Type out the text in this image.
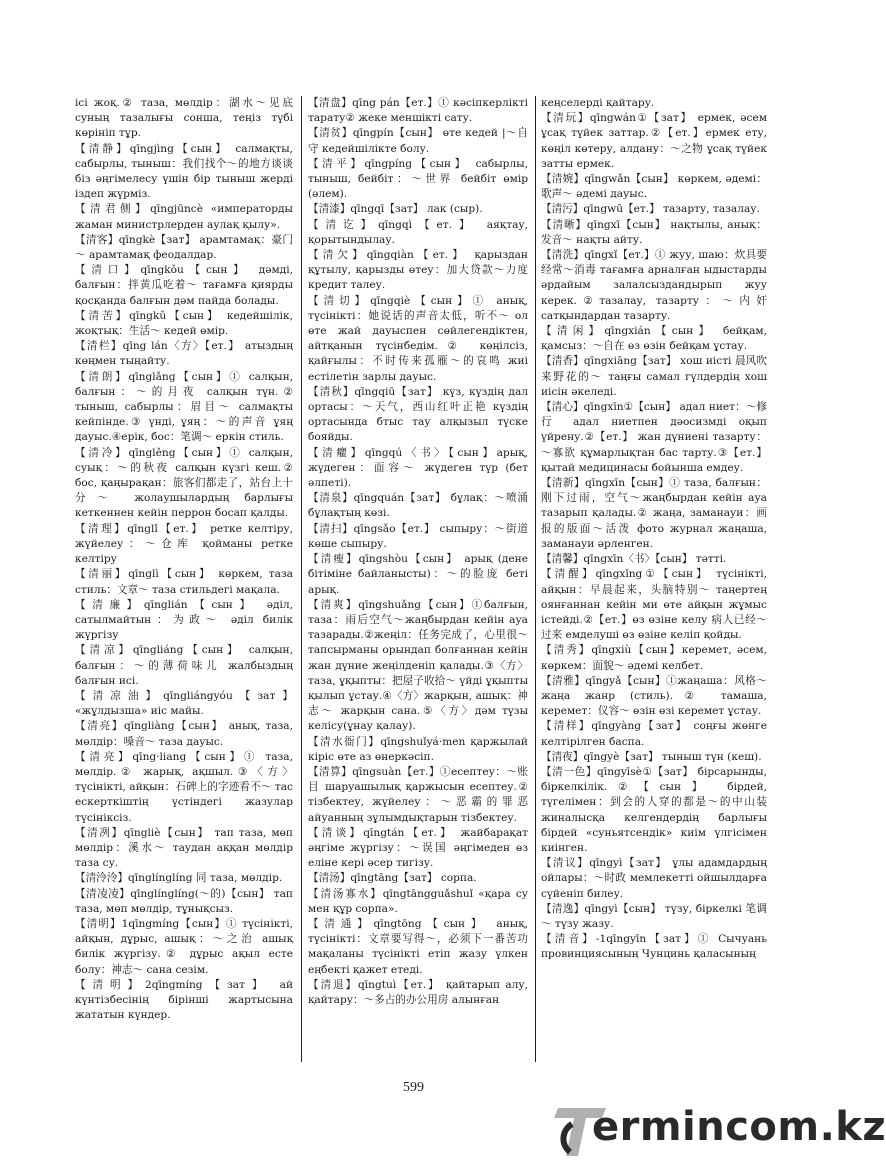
ісі жоқ.② таза, мөлдір：湖水～见底 суның тазалығы сонша, теңіз түбі көрініп тұр.

【清静】qīngjìng【сын】 салмақты, сабырлы, тыныш：我们找个～的地方谈谈 біз әңгімелесу үшін бір тыныш жерді іздеп жүрміз.

【清君侧】qīngjūncè «императорды жаман министрлерден аулақ қылу».

【清客】qīngkè【зат】 арамтамақ：豪门～ арамтамақ феодалдар.

【清口】qīngkǒu【сын】 дәмді, балғын：拌黄瓜吃着～ тағамға қиярды қосқанда балғын дәм пайда болады.

【清苦】qīngkǔ【сын】 кедейшілік, жоқтық：生活～ кедей өмір.

【清栏】qīng lán〈方〉【ет.】 атыздың көңмен тыңайту.

【清朗】qīnglǎng【сын】① салқын, балғын：～的月夜 салқын түн.② тыныш, сабырлы：眉目～ салмақты кейпінде.③ үнді, ұяң：～的声音 ұяң дауыс.④ерік, бос：笔调～ еркін стиль.

【清冷】qīnglěng【сын】① салқын, суық：～的秋夜 салқын күзгі кеш.② бос, қаңырақан：旅客们都走了，站台上十分～ жолаушылардың барлығы кеткеннен кейін перрон босап қалды.

【清理】qīnglǐ【ет.】 ретке келтіру, жүйелеу：～仓库 қойманы ретке келтіру

【清丽】qīnglì【сын】 көркем, таза стиль：文章～ таза стильдегі мақала.

【清廉】qīnglián【сын】 әділ, сатылмайтын：为政～ әділ билік жүргізу

【清凉】qīngliáng【сын】 салқын, балғын：～的薄荷味儿 жалбыздың балғын исі.

【清凉油】qīngliángyóu【зат】 «жұлдызша» иіс майы.

【清亮】qīngliàng【сын】 анық, таза, мөлдір：嗓音～ таза дауыс.

【清亮】qīng·liang【сын】① таза, мөлдір.② жарық, ақшыл.③〈方〉түсінікті, айқын：石碑上的字迹看不～ тас ескерткіштің үстіндегі жазулар түсініксіз.

【清冽】qīngliè【сын】 тап таза, мөп мөлдір：溪水～ таудан аққан мөлдір таза су.

【清泠泠】qīnglínglíng 同 таза, мөлдір.

【清凌凌】qīnglínglíng(～的)【сын】 тап таза, мөп мөлдір, тұнықсыз.

【清明】1qīngmíng【сын】① түсінікті, айқын, дұрыс, ашық：～之治 ашық билік жүргізу.② дұрыс ақыл есте болу：神志～ сана сезім.

【清明】2qīngmíng【зат】 ай күнтізбесінің бірінші жартысына жататын күндер.

【清盘】qīng pán【ет.】① кәсіпкерлікті тарату② жеке меншікті сату.

【清贫】qīngpín【сын】 өте кедей |～自守 кедейшілікте болу.

【清平】qīngpíng【сын】 сабырлы, тыныш, бейбіт：～世界 бейбіт өмір (әлем).

【清漆】qīngqī【зат】 лак (сыр).

【清讫】qīngqì【ет.】 аяқтау, қорытындылау.

【清欠】qīngqiàn【ет.】 қарыздан құтылу, қарызды өтеу：加大贷款～力度 кредит талеу.

【清切】qīngqiè【сын】① анық, түсінікті：她说话的声音太低，听不～ ол өте жай дауыспен сөйлегендіктен, айтқанын түсінбедім.② көңілсіз, қайғылы：不时传来孤雁～的哀鸣 жиі естілетін зарлы дауыс.

【清秋】qīngqiū【зат】 күз, күздің дал ортасы：～天气，西山红叶正艳 күздің ортасында бтыс тау алқызыл түске бояйды.

【清癯】qīngqú〈书〉【сын】арық, жүдеген：面容～ жүдеген түр (бет әлпеті).

【清泉】qīngquán【зат】 бұлақ：～喷涌 бұлақтың көзі.

【清扫】qīngsǎo【ет.】 сыпыру：～街道 көше сыпыру.

【清瘦】qīngshòu【сын】 арық (дене бітіміне байланысты)：～的脸庞 беті арық.

【清爽】qīngshuǎng【сын】①балғын, таза：雨后空气～жаңбырдан кейін ауа тазарады.②жеңіл：任务完成了，心里很～ тапсырманы орындап болғаннан кейін жан дүние жеңілденіп қалады.③〈方〉таза, ұқыпты：把屋子收拾～ үйді ұқыпты қылып ұстау.④〈方〉жарқын, ашық：神志～ жарқын сана.⑤〈方〉дәм түзы келісу(ұнау қалау).

【清水衙门】qīngshuǐyá·men қаржылай кіріс өте аз өнеркәсіп.

【清算】qīngsuàn【ет.】①есептеу：～账目 шаруашылық қаржысын есептеу.② тізбектеу, жүйелеу：～恶霸的罪恶 айуанның зұлымдықтарын тізбектеу.

【清谈】qīngtán【ет.】 жайбарақат әңгіме жүргізу：～误国 әңгімеден өз еліне кері әсер тигізу.

【清汤】qīngtāng【зат】 сорпа.

【清汤寡水】qīngtāngguǎshuǐ «қара су мен құр сорпа».

【清通】qīngtōng【сын】 анық, түсінікті：文章要写得～，必须下一番苦功 мақаланы түсінікті етіп жазу үлкен еңбекті қажет етеді.

【清退】qīngtuì【ет.】 қайтарып алу, қайтару：～多占的办公用房 алынған

кеңселерді қайтару.

【清玩】qīngwán①【зат】 ермек, әсем ұсақ түйек заттар.②【ет.】ермек ету, көңіл көтеру, алдану：～之物 ұсақ түйек затты ермек.

【清婉】qīngwǎn【сын】 көркем, әдемі：歌声～ әдемі дауыс.

【清污】qīngwū【ет.】 тазарту, тазалау.

【清晰】qīngxī【сын】 нақтылы, анық：发音～ нақты айту.

【清洗】qīngxǐ【ет.】① жуу, шаю：炊具要经常～消毒 тағамға арналған ыдыстарды әрдайым залалсыздандырып жуу керек.②тазалау, тазарту：～内奸 сатқындардан тазарту.

【清闲】qīngxián【сын】 бейқам, қамсыз：～自在 өз өзін бейқам ұстау.

【清香】qīngxiāng【зат】 хош иісті 晨风吹来野花的～ таңғы самал гүлдердің хош иісін әкеледі.

【清心】qīngxīn①【сын】 адал ниет：～修行 адал ниетпен дәосизмді оқып үйрену.②【ет.】 жан дүниені тазарту：～寡欲 құмарлықтан бас тарту.③【ет.】 қытай медицинасы бойынша емдеу.

【清新】qīngxīn【сын】① таза, балғын：刚下过雨，空气～жаңбырдан кейін ауа тазарып қалады.② жаңа, заманауи：画报的版面～活泼 фото журнал жаңаша, заманауи әрленген.

【清馨】qīngxīn〈书〉【сын】 тәтті.

【清醒】qīngxǐng①【сын】 түсінікті, айқын：早晨起来，头脑特别～ таңертең оянғаннан кейін ми өте айқын жұмыс істейді.②【ет.】өз өзіне келу 病人已经～过来 емделуші өз өзіне келіп қойды.

【清秀】qīngxiù【сын】керемет, әсем, көркем：面貌～ әдемі келбет.

【清雅】qīngyǎ【сын】①жаңаша：风格～ жаңа жанр (стиль).② тамаша, керемет：仪容～ өзін өзі керемет ұстау.

【清样】qīngyàng【зат】 соңғы жөнге келтірілген баспа.

【清夜】qīngyè【зат】 тыныш түн (кеш).

【清一色】qīngyīsè①【зат】 бірсарынды, біркелкілік.②【сын】 бірдей, түгелімен：到会的人穿的都是～的中山装 жиналысқа келгендердің барлығы бірдей «суньятсендік» киім үлгісімен киінген.

【清议】qīngyì【зат】 ұлы адамдардың ойлары：～时政 мемлекетті ойшылдарға сүйеніп билеу.

【清逸】qīngyì【сын】 түзу, біркелкі 笔调～ түзу жазу.

【清音】-1qīngyīn【зат】① Сычуань провинциясының Чунцинь қаласының

599
ermincom.kz
